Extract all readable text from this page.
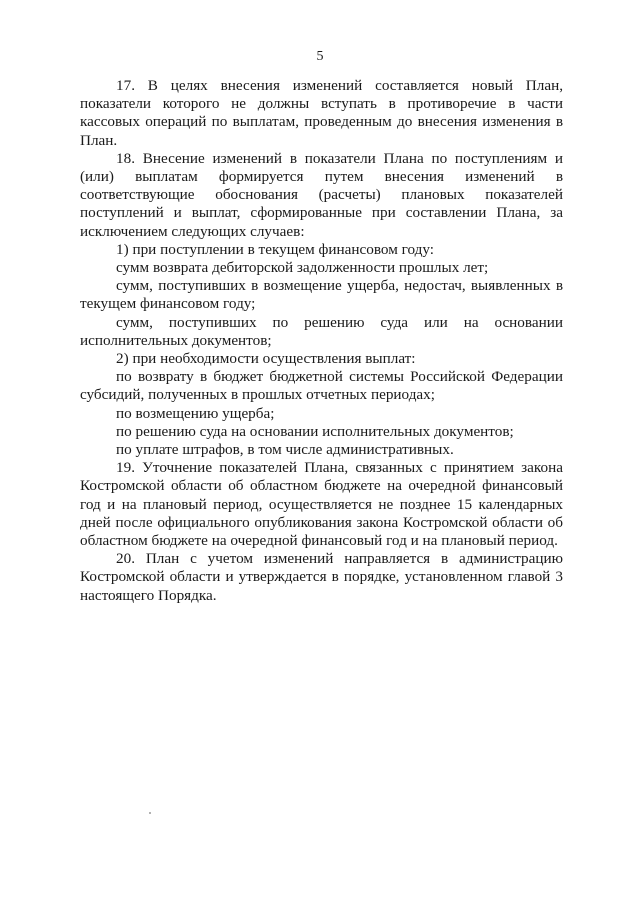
5

17. В целях внесения изменений составляется новый План, показатели которого не должны вступать в противоречие в части кассовых операций по выплатам, проведенным до внесения изменения в План.

18. Внесение изменений в показатели Плана по поступлениям и (или) выплатам формируется путем внесения изменений в соответствующие обоснования (расчеты) плановых показателей поступлений и выплат, сформированные при составлении Плана, за исключением следующих случаев:

1) при поступлении в текущем финансовом году:

сумм возврата дебиторской задолженности прошлых лет;

сумм, поступивших в возмещение ущерба, недостач, выявленных в текущем финансовом году;

сумм, поступивших по решению суда или на основании исполнительных документов;

2) при необходимости осуществления выплат:

по возврату в бюджет бюджетной системы Российской Федерации субсидий, полученных в прошлых отчетных периодах;

по возмещению ущерба;

по решению суда на основании исполнительных документов;

по уплате штрафов, в том числе административных.

19. Уточнение показателей Плана, связанных с принятием закона Костромской области об областном бюджете на очередной финансовый год и на плановый период, осуществляется не позднее 15 календарных дней после официального опубликования закона Костромской области об областном бюджете на очередной финансовый год и на плановый период.

20. План с учетом изменений направляется в администрацию Костромской области и утверждается в порядке, установленном главой 3 настоящего Порядка.
